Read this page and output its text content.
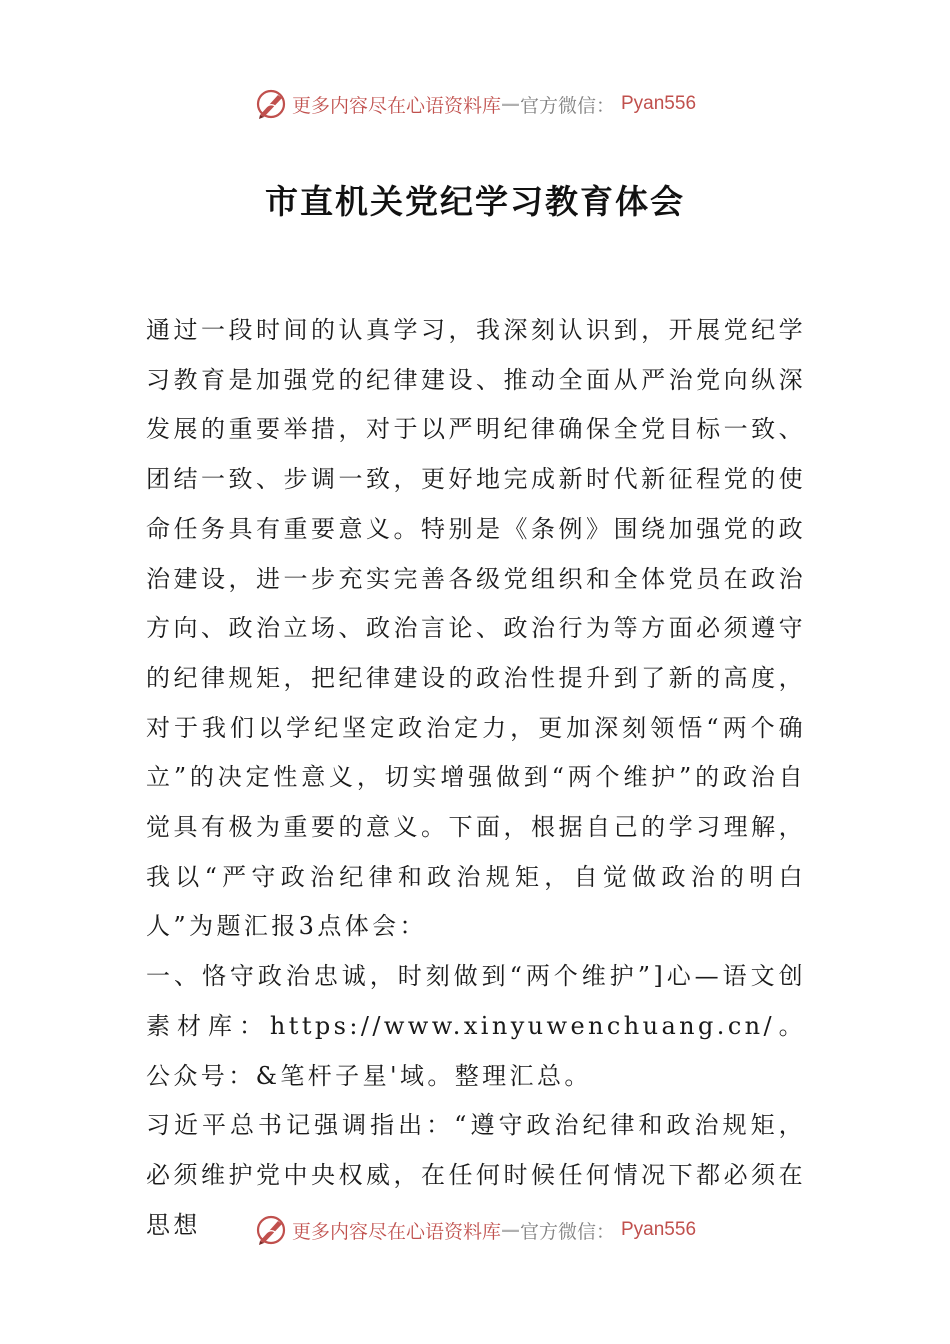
更多内容尽在心语资料库 — 官方微信： Pyan556
市直机关党纪学习教育体会

通过一段时间的认真学习，我深刻认识到，开展党纪学习教育是加强党的纪律建设、推动全面从严治党向纵深发展的重要举措，对于以严明纪律确保全党目标一致、团结一致、步调一致，更好地完成新时代新征程党的使命任务具有重要意义。特别是《条例》围绕加强党的政治建设，进一步充实完善各级党组织和全体党员在政治方向、政治立场、政治言论、政治行为等方面必须遵守的纪律规矩，把纪律建设的政治性提升到了新的高度，对于我们以学纪坚定政治定力，更加深刻领悟“两个确立”的决定性意义，切实增强做到“两个维护”的政治自觉具有极为重要的意义。下面，根据自己的学习理解，我以“严守政治纪律和政治规矩，自觉做政治的明白人”为题汇报3点体会：

一、恪守政治忠诚，时刻做到“两个维护”]心—语文创素材库：https://www.xinyuwenchuang.cn/。公众号：&笔杆子星'域。整理汇总。

习近平总书记强调指出：“遵守政治纪律和政治规矩，必须维护党中央权威，在任何时候任何情况下都必须在思想	更多内容尽在心语资料库 — 官方微信： Pyan556
